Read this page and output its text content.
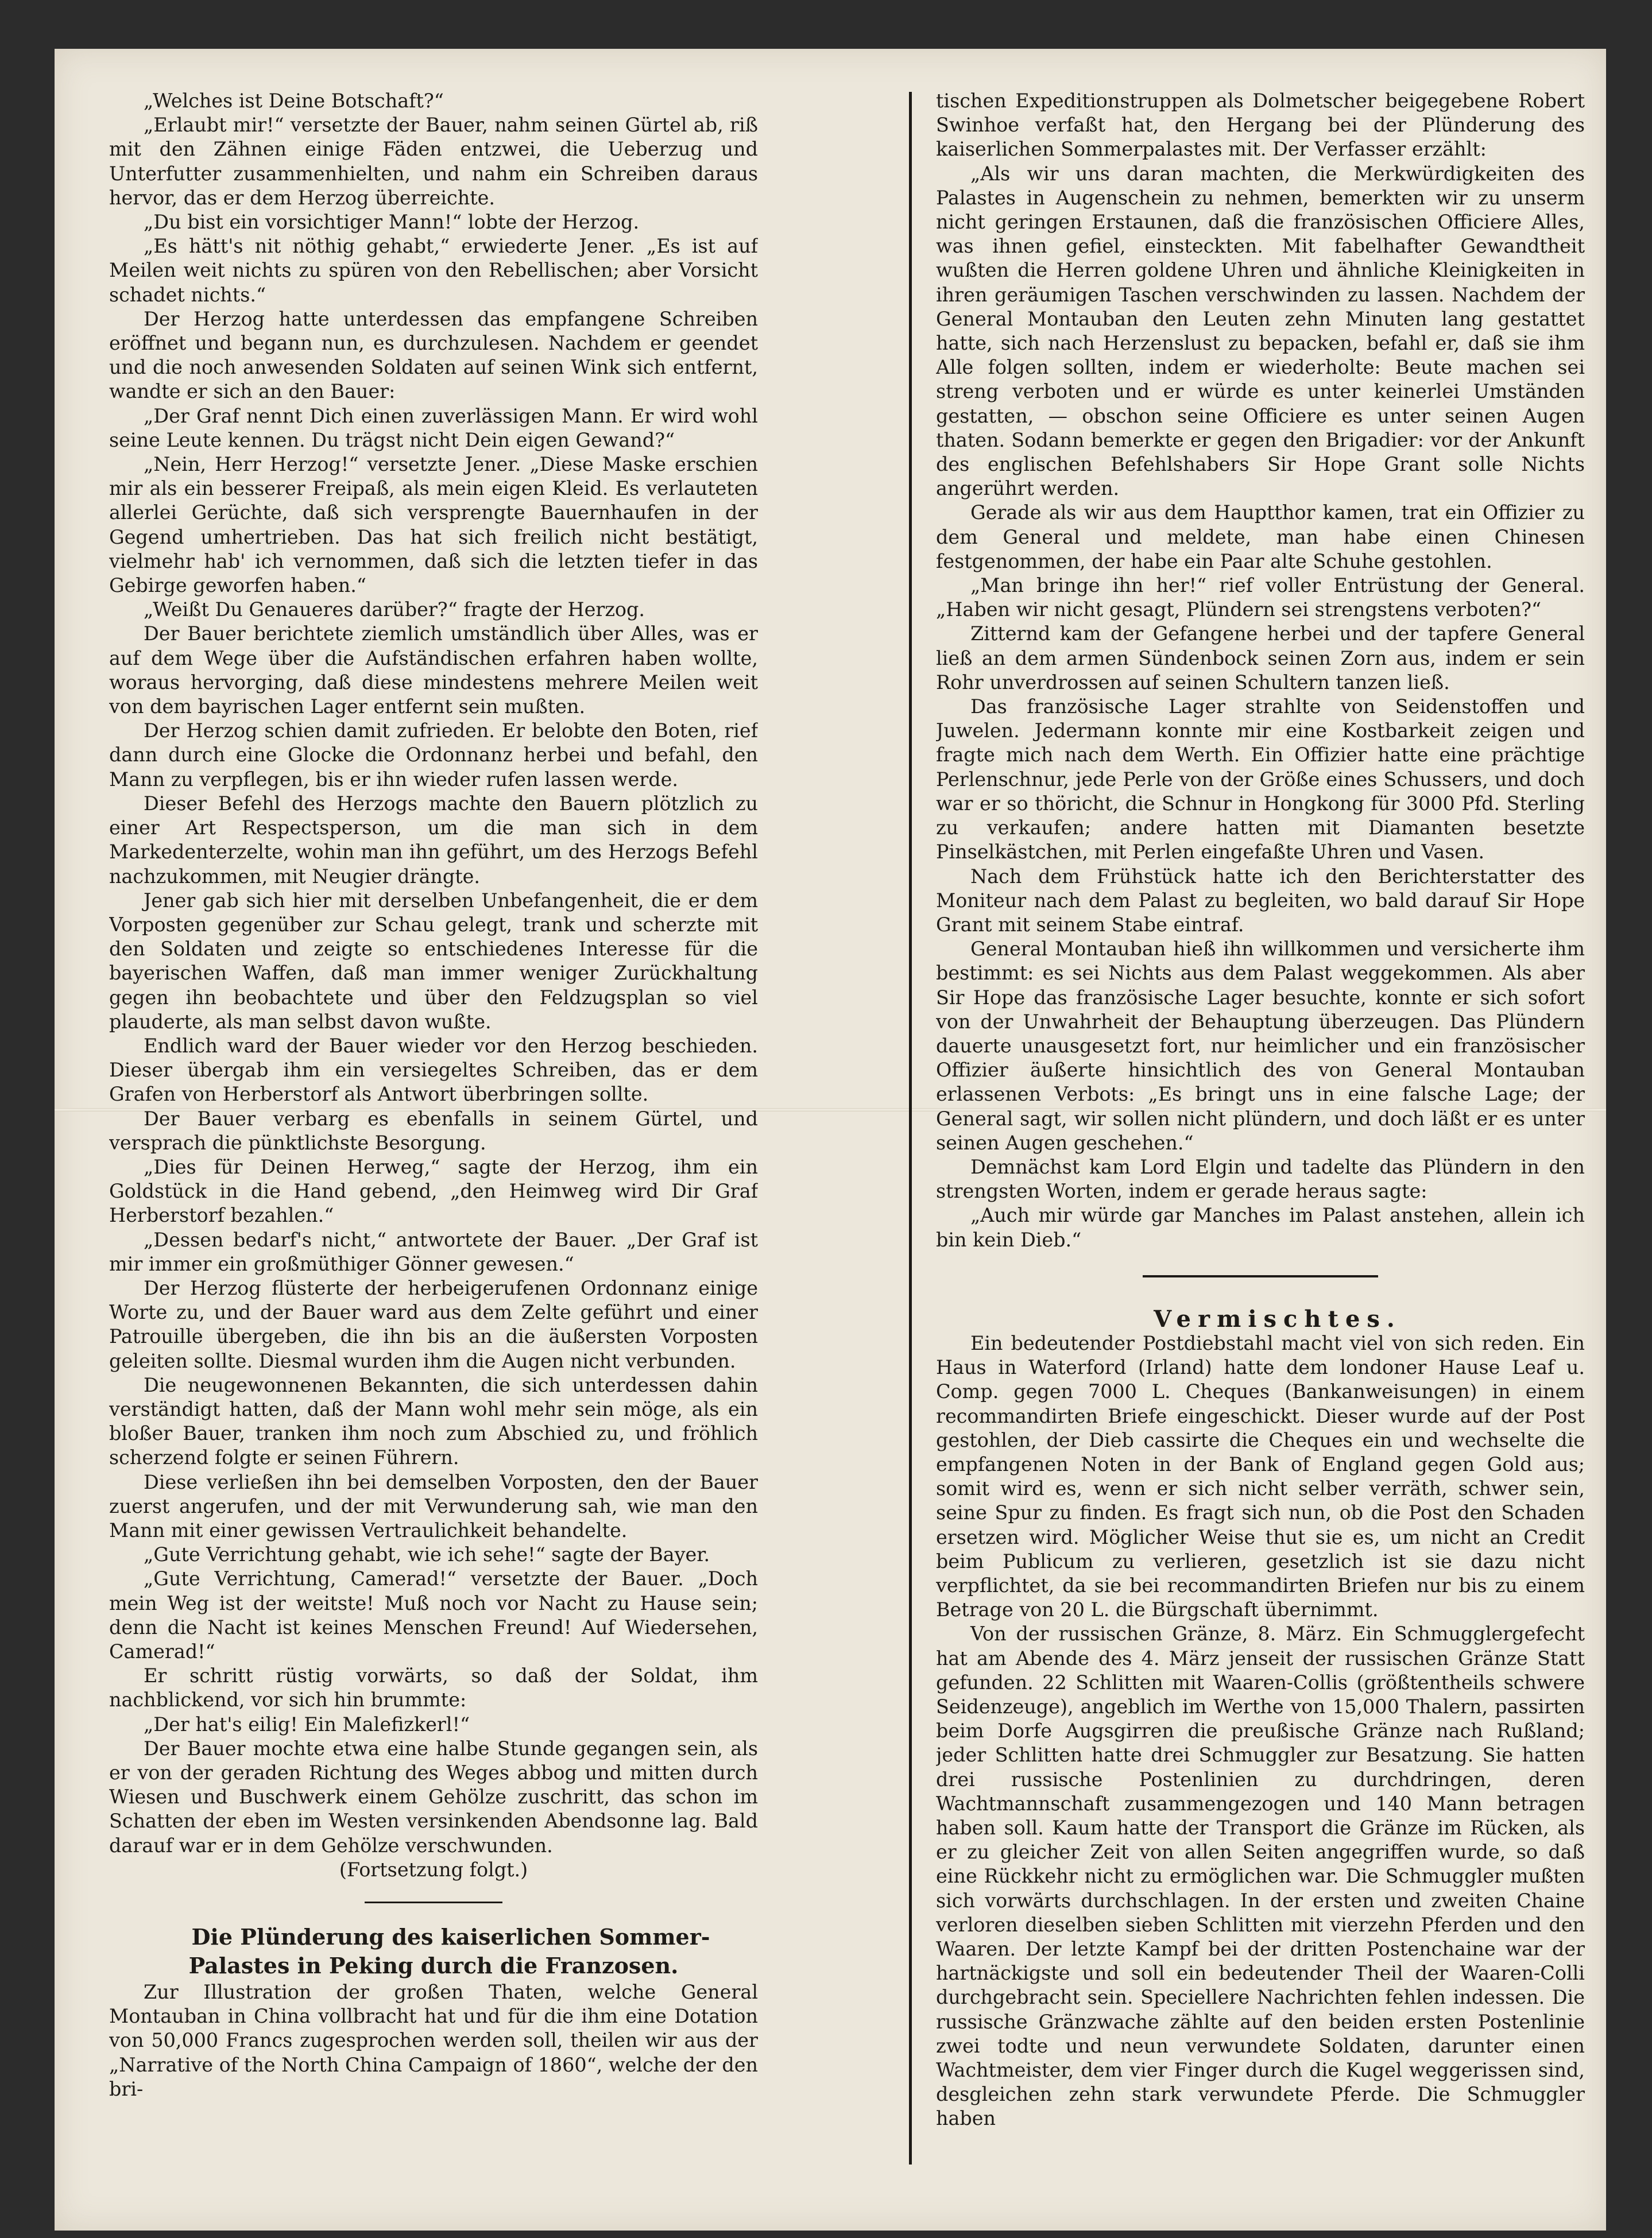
„Welches ist Deine Botschaft?“

„Erlaubt mir!“ versetzte der Bauer, nahm seinen Gürtel ab, riß mit den Zähnen einige Fäden entzwei, die Ueberzug und Unterfutter zusammenhielten, und nahm ein Schreiben daraus hervor, das er dem Herzog überreichte.

„Du bist ein vorsichtiger Mann!“ lobte der Herzog.

„Es hätt's nit nöthig gehabt,“ erwiederte Jener. „Es ist auf Meilen weit nichts zu spüren von den Rebellischen; aber Vorsicht schadet nichts.“

Der Herzog hatte unterdessen das empfangene Schreiben eröffnet und begann nun, es durchzulesen. Nachdem er geendet und die noch anwesenden Soldaten auf seinen Wink sich entfernt, wandte er sich an den Bauer:

„Der Graf nennt Dich einen zuverlässigen Mann. Er wird wohl seine Leute kennen. Du trägst nicht Dein eigen Gewand?“

„Nein, Herr Herzog!“ versetzte Jener. „Diese Maske erschien mir als ein besserer Freipaß, als mein eigen Kleid. Es verlauteten allerlei Gerüchte, daß sich versprengte Bauernhaufen in der Gegend umhertrieben. Das hat sich freilich nicht bestätigt, vielmehr hab' ich vernommen, daß sich die letzten tiefer in das Gebirge geworfen haben.“

„Weißt Du Genaueres darüber?“ fragte der Herzog.

Der Bauer berichtete ziemlich umständlich über Alles, was er auf dem Wege über die Aufständischen erfahren haben wollte, woraus hervorging, daß diese mindestens mehrere Meilen weit von dem bayrischen Lager entfernt sein mußten.

Der Herzog schien damit zufrieden. Er belobte den Boten, rief dann durch eine Glocke die Ordonnanz herbei und befahl, den Mann zu verpflegen, bis er ihn wieder rufen lassen werde.

Dieser Befehl des Herzogs machte den Bauern plötzlich zu einer Art Respectsperson, um die man sich in dem Markedenterzelte, wohin man ihn geführt, um des Herzogs Befehl nachzukommen, mit Neugier drängte.

Jener gab sich hier mit derselben Unbefangenheit, die er dem Vorposten gegenüber zur Schau gelegt, trank und scherzte mit den Soldaten und zeigte so entschiedenes Interesse für die bayerischen Waffen, daß man immer weniger Zurückhaltung gegen ihn beobachtete und über den Feldzugsplan so viel plauderte, als man selbst davon wußte.

Endlich ward der Bauer wieder vor den Herzog beschieden. Dieser übergab ihm ein versiegeltes Schreiben, das er dem Grafen von Herberstorf als Antwort überbringen sollte.

Der Bauer verbarg es ebenfalls in seinem Gürtel, und versprach die pünktlichste Besorgung.

„Dies für Deinen Herweg,“ sagte der Herzog, ihm ein Goldstück in die Hand gebend, „den Heimweg wird Dir Graf Herberstorf bezahlen.“

„Dessen bedarf's nicht,“ antwortete der Bauer. „Der Graf ist mir immer ein großmüthiger Gönner gewesen.“

Der Herzog flüsterte der herbeigerufenen Ordonnanz einige Worte zu, und der Bauer ward aus dem Zelte geführt und einer Patrouille übergeben, die ihn bis an die äußersten Vorposten geleiten sollte. Diesmal wurden ihm die Augen nicht verbunden.

Die neugewonnenen Bekannten, die sich unterdessen dahin verständigt hatten, daß der Mann wohl mehr sein möge, als ein bloßer Bauer, tranken ihm noch zum Abschied zu, und fröhlich scherzend folgte er seinen Führern.

Diese verließen ihn bei demselben Vorposten, den der Bauer zuerst angerufen, und der mit Verwunderung sah, wie man den Mann mit einer gewissen Vertraulichkeit behandelte.

„Gute Verrichtung gehabt, wie ich sehe!“ sagte der Bayer.

„Gute Verrichtung, Camerad!“ versetzte der Bauer. „Doch mein Weg ist der weitste! Muß noch vor Nacht zu Hause sein; denn die Nacht ist keines Menschen Freund! Auf Wiedersehen, Camerad!“

Er schritt rüstig vorwärts, so daß der Soldat, ihm nachblickend, vor sich hin brummte:

„Der hat's eilig! Ein Malefizkerl!“

Der Bauer mochte etwa eine halbe Stunde gegangen sein, als er von der geraden Richtung des Weges abbog und mitten durch Wiesen und Buschwerk einem Gehölze zuschritt, das schon im Schatten der eben im Westen versinkenden Abendsonne lag. Bald darauf war er in dem Gehölze verschwunden.

(Fortsetzung folgt.)

Die Plünderung des kaiserlichen Sommer-Palastes in Peking durch die Franzosen.

Zur Illustration der großen Thaten, welche General Montauban in China vollbracht hat und für die ihm eine Dotation von 50,000 Francs zugesprochen werden soll, theilen wir aus der „Narrative of the North China Campaign of 1860“, welche der den bri-

tischen Expeditionstruppen als Dolmetscher beigegebene Robert Swinhoe verfaßt hat, den Hergang bei der Plünderung des kaiserlichen Sommerpalastes mit. Der Verfasser erzählt:

„Als wir uns daran machten, die Merkwürdigkeiten des Palastes in Augenschein zu nehmen, bemerkten wir zu unserm nicht geringen Erstaunen, daß die französischen Officiere Alles, was ihnen gefiel, einsteckten. Mit fabelhafter Gewandtheit wußten die Herren goldene Uhren und ähnliche Kleinigkeiten in ihren geräumigen Taschen verschwinden zu lassen. Nachdem der General Montauban den Leuten zehn Minuten lang gestattet hatte, sich nach Herzenslust zu bepacken, befahl er, daß sie ihm Alle folgen sollten, indem er wiederholte: Beute machen sei streng verboten und er würde es unter keinerlei Umständen gestatten, — obschon seine Officiere es unter seinen Augen thaten. Sodann bemerkte er gegen den Brigadier: vor der Ankunft des englischen Befehlshabers Sir Hope Grant solle Nichts angerührt werden.

Gerade als wir aus dem Hauptthor kamen, trat ein Offizier zu dem General und meldete, man habe einen Chinesen festgenommen, der habe ein Paar alte Schuhe gestohlen.

„Man bringe ihn her!“ rief voller Entrüstung der General. „Haben wir nicht gesagt, Plündern sei strengstens verboten?“

Zitternd kam der Gefangene herbei und der tapfere General ließ an dem armen Sündenbock seinen Zorn aus, indem er sein Rohr unverdrossen auf seinen Schultern tanzen ließ.

Das französische Lager strahlte von Seidenstoffen und Juwelen. Jedermann konnte mir eine Kostbarkeit zeigen und fragte mich nach dem Werth. Ein Offizier hatte eine prächtige Perlenschnur, jede Perle von der Größe eines Schussers, und doch war er so thöricht, die Schnur in Hongkong für 3000 Pfd. Sterling zu verkaufen; andere hatten mit Diamanten besetzte Pinselkästchen, mit Perlen eingefaßte Uhren und Vasen.

Nach dem Frühstück hatte ich den Berichterstatter des Moniteur nach dem Palast zu begleiten, wo bald darauf Sir Hope Grant mit seinem Stabe eintraf.

General Montauban hieß ihn willkommen und versicherte ihm bestimmt: es sei Nichts aus dem Palast weggekommen. Als aber Sir Hope das französische Lager besuchte, konnte er sich sofort von der Unwahrheit der Behauptung überzeugen. Das Plündern dauerte unausgesetzt fort, nur heimlicher und ein französischer Offizier äußerte hinsichtlich des von General Montauban erlassenen Verbots: „Es bringt uns in eine falsche Lage; der General sagt, wir sollen nicht plündern, und doch läßt er es unter seinen Augen geschehen.“

Demnächst kam Lord Elgin und tadelte das Plündern in den strengsten Worten, indem er gerade heraus sagte:

„Auch mir würde gar Manches im Palast anstehen, allein ich bin kein Dieb.“

Vermischtes.

Ein bedeutender Postdiebstahl macht viel von sich reden. Ein Haus in Waterford (Irland) hatte dem londoner Hause Leaf u. Comp. gegen 7000 L. Cheques (Bankanweisungen) in einem recommandirten Briefe eingeschickt. Dieser wurde auf der Post gestohlen, der Dieb cassirte die Cheques ein und wechselte die empfangenen Noten in der Bank of England gegen Gold aus; somit wird es, wenn er sich nicht selber verräth, schwer sein, seine Spur zu finden. Es fragt sich nun, ob die Post den Schaden ersetzen wird. Möglicher Weise thut sie es, um nicht an Credit beim Publicum zu verlieren, gesetzlich ist sie dazu nicht verpflichtet, da sie bei recommandirten Briefen nur bis zu einem Betrage von 20 L. die Bürgschaft übernimmt.

Von der russischen Gränze, 8. März. Ein Schmugglergefecht hat am Abende des 4. März jenseit der russischen Gränze Statt gefunden. 22 Schlitten mit Waaren-Collis (größtentheils schwere Seidenzeuge), angeblich im Werthe von 15,000 Thalern, passirten beim Dorfe Augsgirren die preußische Gränze nach Rußland; jeder Schlitten hatte drei Schmuggler zur Besatzung. Sie hatten drei russische Postenlinien zu durchdringen, deren Wachtmannschaft zusammengezogen und 140 Mann betragen haben soll. Kaum hatte der Transport die Gränze im Rücken, als er zu gleicher Zeit von allen Seiten angegriffen wurde, so daß eine Rückkehr nicht zu ermöglichen war. Die Schmuggler mußten sich vorwärts durchschlagen. In der ersten und zweiten Chaine verloren dieselben sieben Schlitten mit vierzehn Pferden und den Waaren. Der letzte Kampf bei der dritten Postenchaine war der hartnäckigste und soll ein bedeutender Theil der Waaren-Colli durchgebracht sein. Speciellere Nachrichten fehlen indessen. Die russische Gränzwache zählte auf den beiden ersten Postenlinie zwei todte und neun verwundete Soldaten, darunter einen Wachtmeister, dem vier Finger durch die Kugel weggerissen sind, desgleichen zehn stark verwundete Pferde. Die Schmuggler haben
